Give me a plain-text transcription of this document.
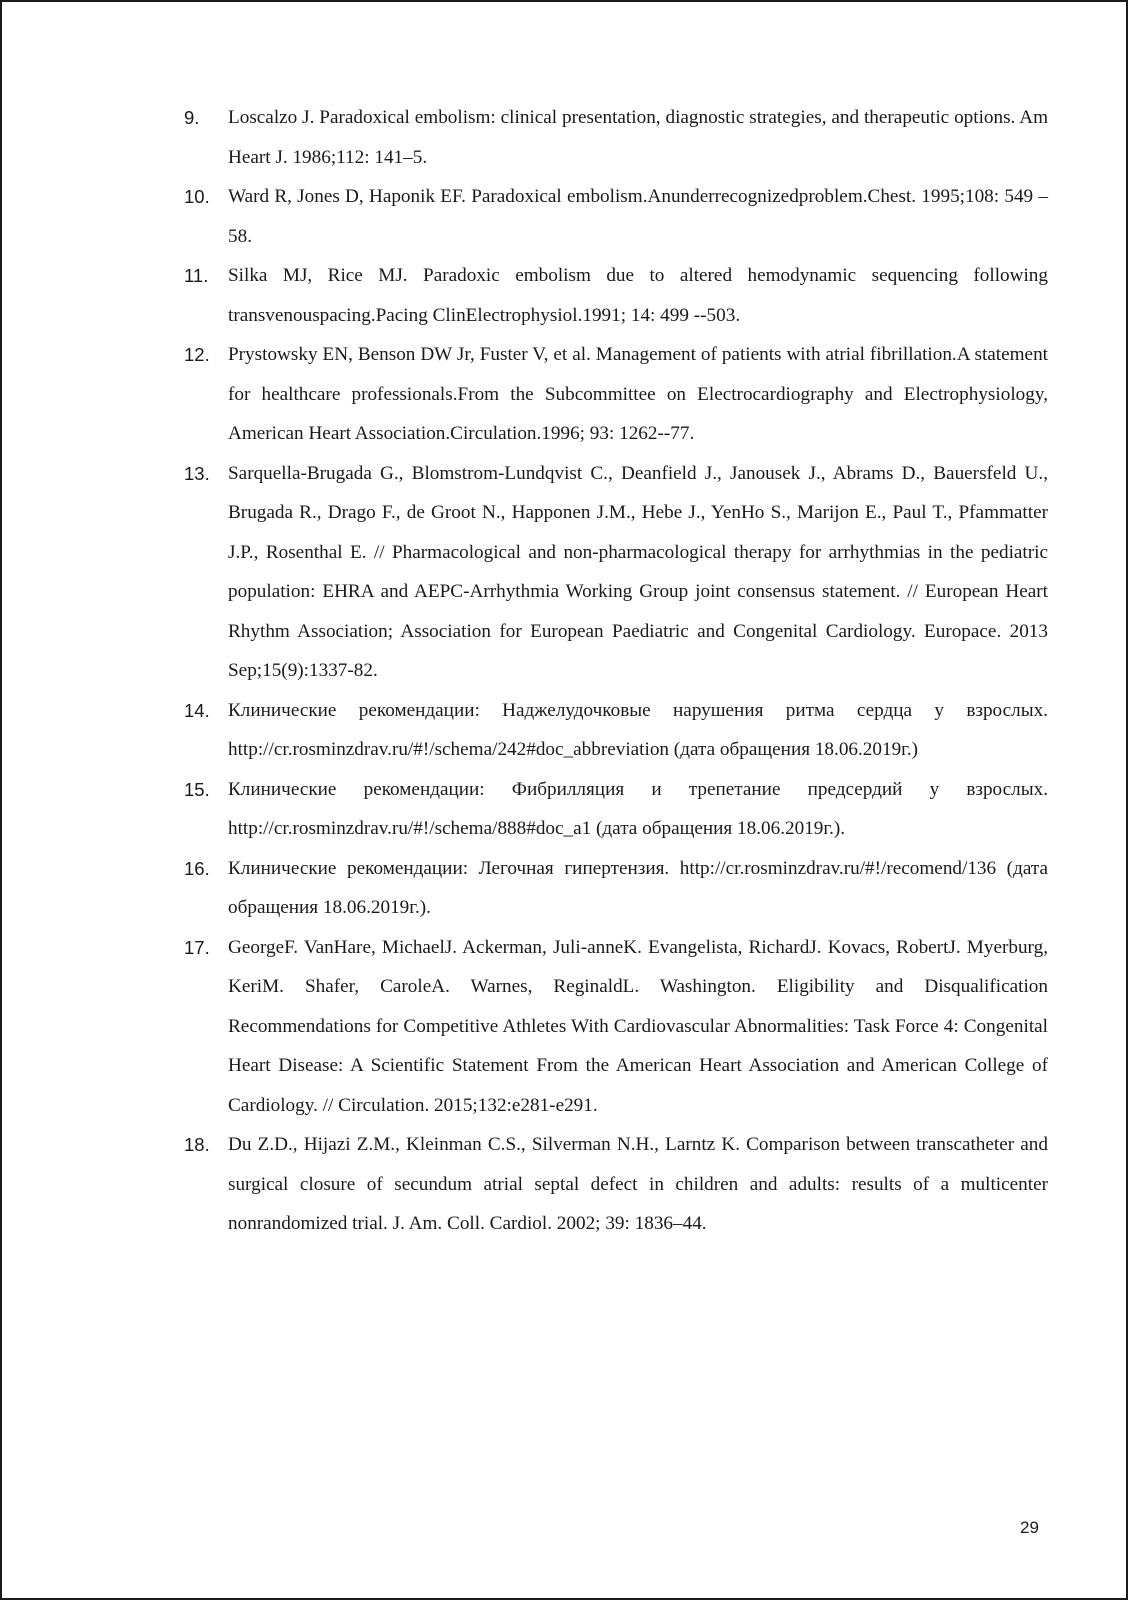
9.	Loscalzo J. Paradoxical embolism: clinical presentation, diagnostic strategies, and therapeutic options. Am Heart J. 1986;112: 141–5.
10. Ward R, Jones D, Haponik EF. Paradoxical embolism.Anunderrecognizedproblem.Chest. 1995;108: 549 –58.
11.	Silka MJ, Rice MJ. Paradoxic embolism due to altered hemodynamic sequencing following transvenouspacing.Pacing ClinElectrophysiol.1991; 14: 499 --503.
12. Prystowsky EN, Benson DW Jr, Fuster V, et al. Management of patients with atrial fibrillation.A statement for healthcare professionals.From the Subcommittee on Electrocardiography and Electrophysiology, American Heart Association.Circulation.1996; 93: 1262--77.
13. Sarquella-Brugada G., Blomstrom-Lundqvist C., Deanfield J., Janousek J., Abrams D., Bauersfeld U., Brugada R., Drago F., de Groot N., Happonen J.M., Hebe J., YenHo S., Marijon E., Paul T., Pfammatter J.P., Rosenthal E. // Pharmacological and non-pharmacological therapy for arrhythmias in the pediatric population: EHRA and AEPC-Arrhythmia Working Group joint consensus statement. // European Heart Rhythm Association; Association for European Paediatric and Congenital Cardiology. Europace. 2013 Sep;15(9):1337-82.
14. Клинические рекомендации: Наджелудочковые нарушения ритма сердца у взрослых. http://cr.rosminzdrav.ru/#!/schema/242#doc_abbreviation (дата обращения 18.06.2019г.)
15. Клинические рекомендации: Фибрилляция и трепетание предсердий у взрослых. http://cr.rosminzdrav.ru/#!/schema/888#doc_a1 (дата обращения 18.06.2019г.).
16. Клинические рекомендации: Легочная гипертензия. http://cr.rosminzdrav.ru/#!/recomend/136 (дата обращения 18.06.2019г.).
17. GeorgeF. VanHare, MichaelJ. Ackerman, Juli-anneK. Evangelista, RichardJ. Kovacs, RobertJ. Myerburg, KeriM. Shafer, CaroleA. Warnes, ReginaldL. Washington. Eligibility and Disqualification Recommendations for Competitive Athletes With Cardiovascular Abnormalities: Task Force 4: Congenital Heart Disease: A Scientific Statement From the American Heart Association and American College of Cardiology. // Circulation. 2015;132:e281-e291.
18. Du Z.D., Hijazi Z.M., Kleinman C.S., Silverman N.H., Larntz K. Comparison between transcatheter and surgical closure of secundum atrial septal defect in children and adults: results of a multicenter nonrandomized trial. J. Am. Coll. Cardiol. 2002; 39: 1836–44.
29
